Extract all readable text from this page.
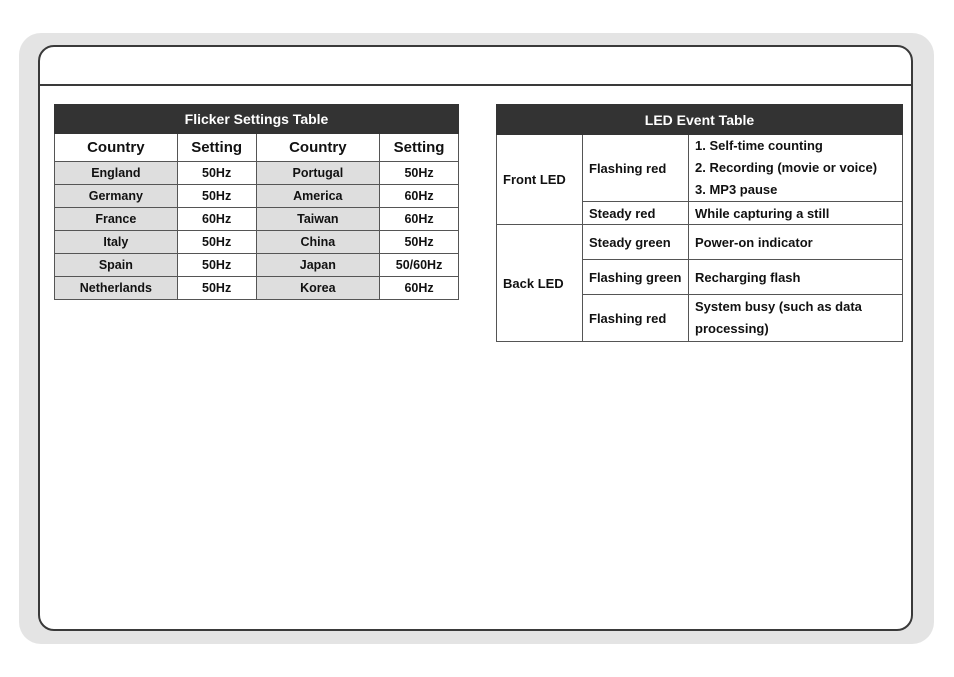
Flicker Settings Table			
Country	Setting	Country	Setting
England	50Hz	Portugal	50Hz
Germany	50Hz	America	60Hz
France	60Hz	Taiwan	60Hz
Italy	50Hz	China	50Hz
Spain	50Hz	Japan	50/60Hz
Netherlands	50Hz	Korea	60Hz
LED Event Table		
Front LED	Flashing red	1. Self-time counting
2. Recording (movie or voice)
3. MP3 pause

	Steady red	While capturing a still
Back LED	Steady green	Power-on indicator
	Flashing green	Recharging flash
	Flashing red	System busy (such as data
processing)
